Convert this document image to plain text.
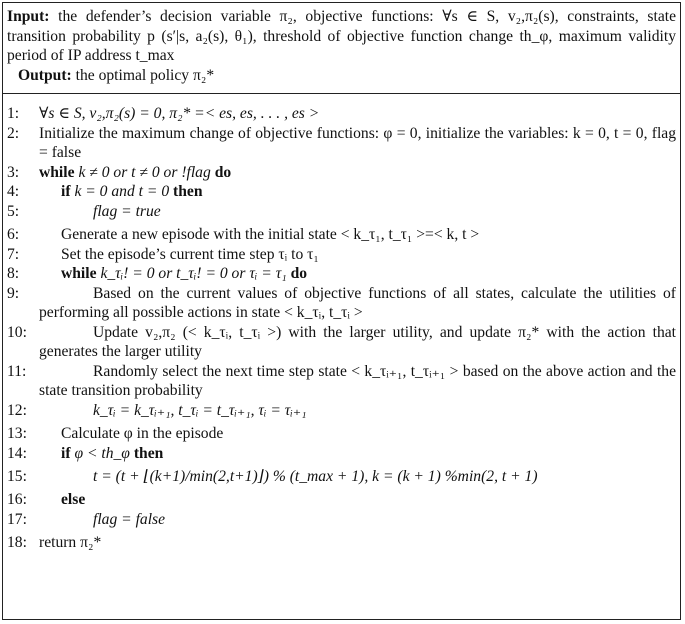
Input: the defender’s decision variable π₂, objective functions: ∀s ∈ S, v₂,π₂(s), constraints, state transition probability p (s′|s, a₂(s), θ₁), threshold of objective function change th_φ, maximum validity period of IP address t_max
Output: the optimal policy π₂*
1:	∀s ∈ S, v₂,π₂(s) = 0, π₂* =< es, es, . . . , es >
2:	Initialize the maximum change of objective functions: φ = 0, initialize the variables: k = 0, t = 0, flag = false
3:	while k ≠ 0 or t ≠ 0 or !flag do
4:	if k = 0 and t = 0 then
5:	flag = true
6:	Generate a new episode with the initial state < k_τ₁, t_τ₁ >=< k, t >
7:	Set the episode’s current time step τᵢ to τ₁
8:	while k_τᵢ! = 0 or t_τᵢ! = 0 or τᵢ = τ₁ do
9:	Based on the current values of objective functions of all states, calculate the utilities of performing all possible actions in state < k_τᵢ, t_τᵢ >
10:	Update v₂,π₂ (< k_τᵢ, t_τᵢ >) with the larger utility, and update π₂* with the action that generates the larger utility
11:	Randomly select the next time step state < k_τᵢ₊₁, t_τᵢ₊₁ > based on the above action and the state transition probability
12:	k_τᵢ = k_τᵢ₊₁, t_τᵢ = t_τᵢ₊₁, τᵢ = τᵢ₊₁
13:	Calculate φ in the episode
14:	if φ < th_φ then
15:	t = (t + ⌊(k+1)/min(2,t+1)⌋) % (t_max + 1), k = (k + 1) %min(2, t + 1)
16:	else
17:	flag = false
18: return π₂*
